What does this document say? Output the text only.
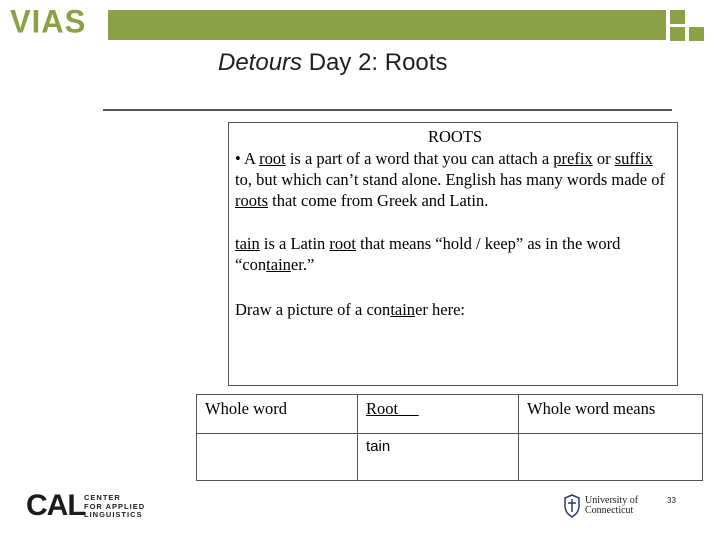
VIAS
Detours Day 2: Roots
ROOTS
• A root is a part of a word that you can attach a prefix or suffix to, but which can’t stand alone. English has many words made of roots that come from Greek and Latin.
tain is a Latin root that means “hold / keep” as in the word “container.”
Draw a picture of a container here:
Whole word	Root	Whole word means
	tain	
CAL CENTER
FOR APPLIED
LINGUISTICS
University of
Connecticut
33
